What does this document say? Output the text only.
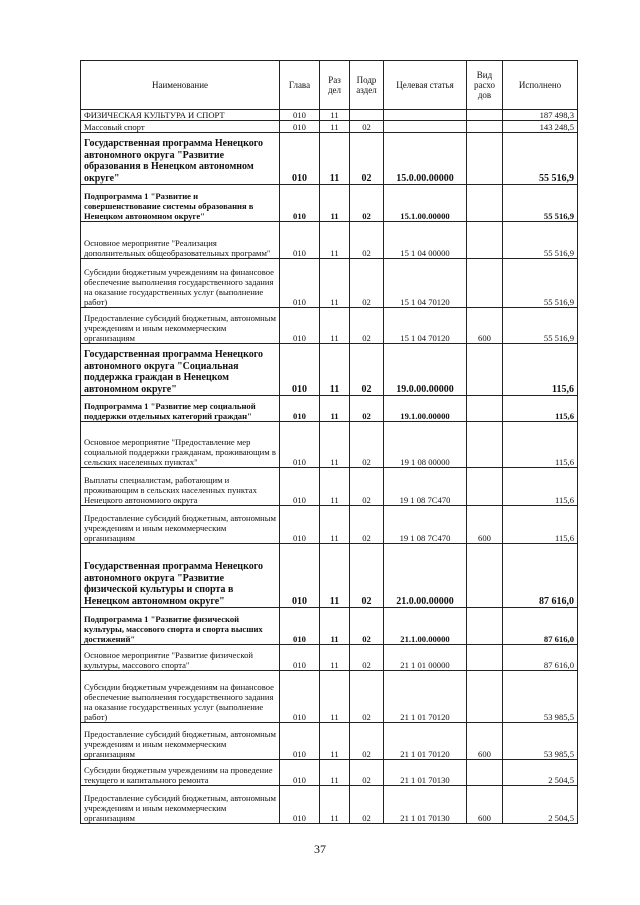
Наименование	Глава	Раз дел	Подр аздел	Целевая статья	Вид расхо дов	Исполнено
ФИЗИЧЕСКАЯ КУЛЬТУРА И СПОРТ	010	11				187 498,3
Массовый спорт	010	11	02			143 248,5
Государственная программа Ненецкого автономного округа "Развитие образования в Ненецком автономном округе"	010	11	02	15.0.00.00000		55 516,9
Подпрограмма 1 "Развитие и совершенствование системы образования в Ненецком автономном округе"	010	11	02	15.1.00.00000		55 516,9
Основное мероприятие "Реализация дополнительных общеобразовательных программ"	010	11	02	15 1 04 00000		55 516,9
Субсидии бюджетным учреждениям на финансовое обеспечение выполнения государственного задания на оказание государственных услуг (выполнение работ)	010	11	02	15 1 04 70120		55 516,9
Предоставление субсидий бюджетным, автономным учреждениям и иным некоммерческим организациям	010	11	02	15 1 04 70120	600	55 516,9
Государственная программа Ненецкого автономного округа "Социальная поддержка граждан в Ненецком автономном округе"	010	11	02	19.0.00.00000		115,6
Подпрограмма 1 "Развитие мер социальной поддержки отдельных категорий граждан"	010	11	02	19.1.00.00000		115,6
Основное мероприятие "Предоставление мер социальной поддержки гражданам, проживающим в сельских населенных пунктах"	010	11	02	19 1 08 00000		115,6
Выплаты специалистам, работающим и проживающим в сельских населенных пунктах Ненецкого автономного округа	010	11	02	19 1 08 7С470		115,6
Предоставление субсидий бюджетным, автономным учреждениям и иным некоммерческим организациям	010	11	02	19 1 08 7С470	600	115,6
Государственная программа Ненецкого автономного округа "Развитие физической культуры и спорта в Ненецком автономном округе"	010	11	02	21.0.00.00000		87 616,0
Подпрограмма 1 "Развитие физической культуры, массового спорта и спорта высших достижений"	010	11	02	21.1.00.00000		87 616,0
Основное мероприятие "Развитие физической культуры, массового спорта"	010	11	02	21 1 01 00000		87 616,0
Субсидии бюджетным учреждениям на финансовое обеспечение выполнения государственного задания на оказание государственных услуг (выполнение работ)	010	11	02	21 1 01 70120		53 985,5
Предоставление субсидий бюджетным, автономным учреждениям и иным некоммерческим организациям	010	11	02	21 1 01 70120	600	53 985,5
Субсидии бюджетным учреждениям на проведение текущего и капитального ремонта	010	11	02	21 1 01 70130		2 504,5
Предоставление субсидий бюджетным, автономным учреждениям и иным некоммерческим организациям	010	11	02	21 1 01 70130	600	2 504,5
37
